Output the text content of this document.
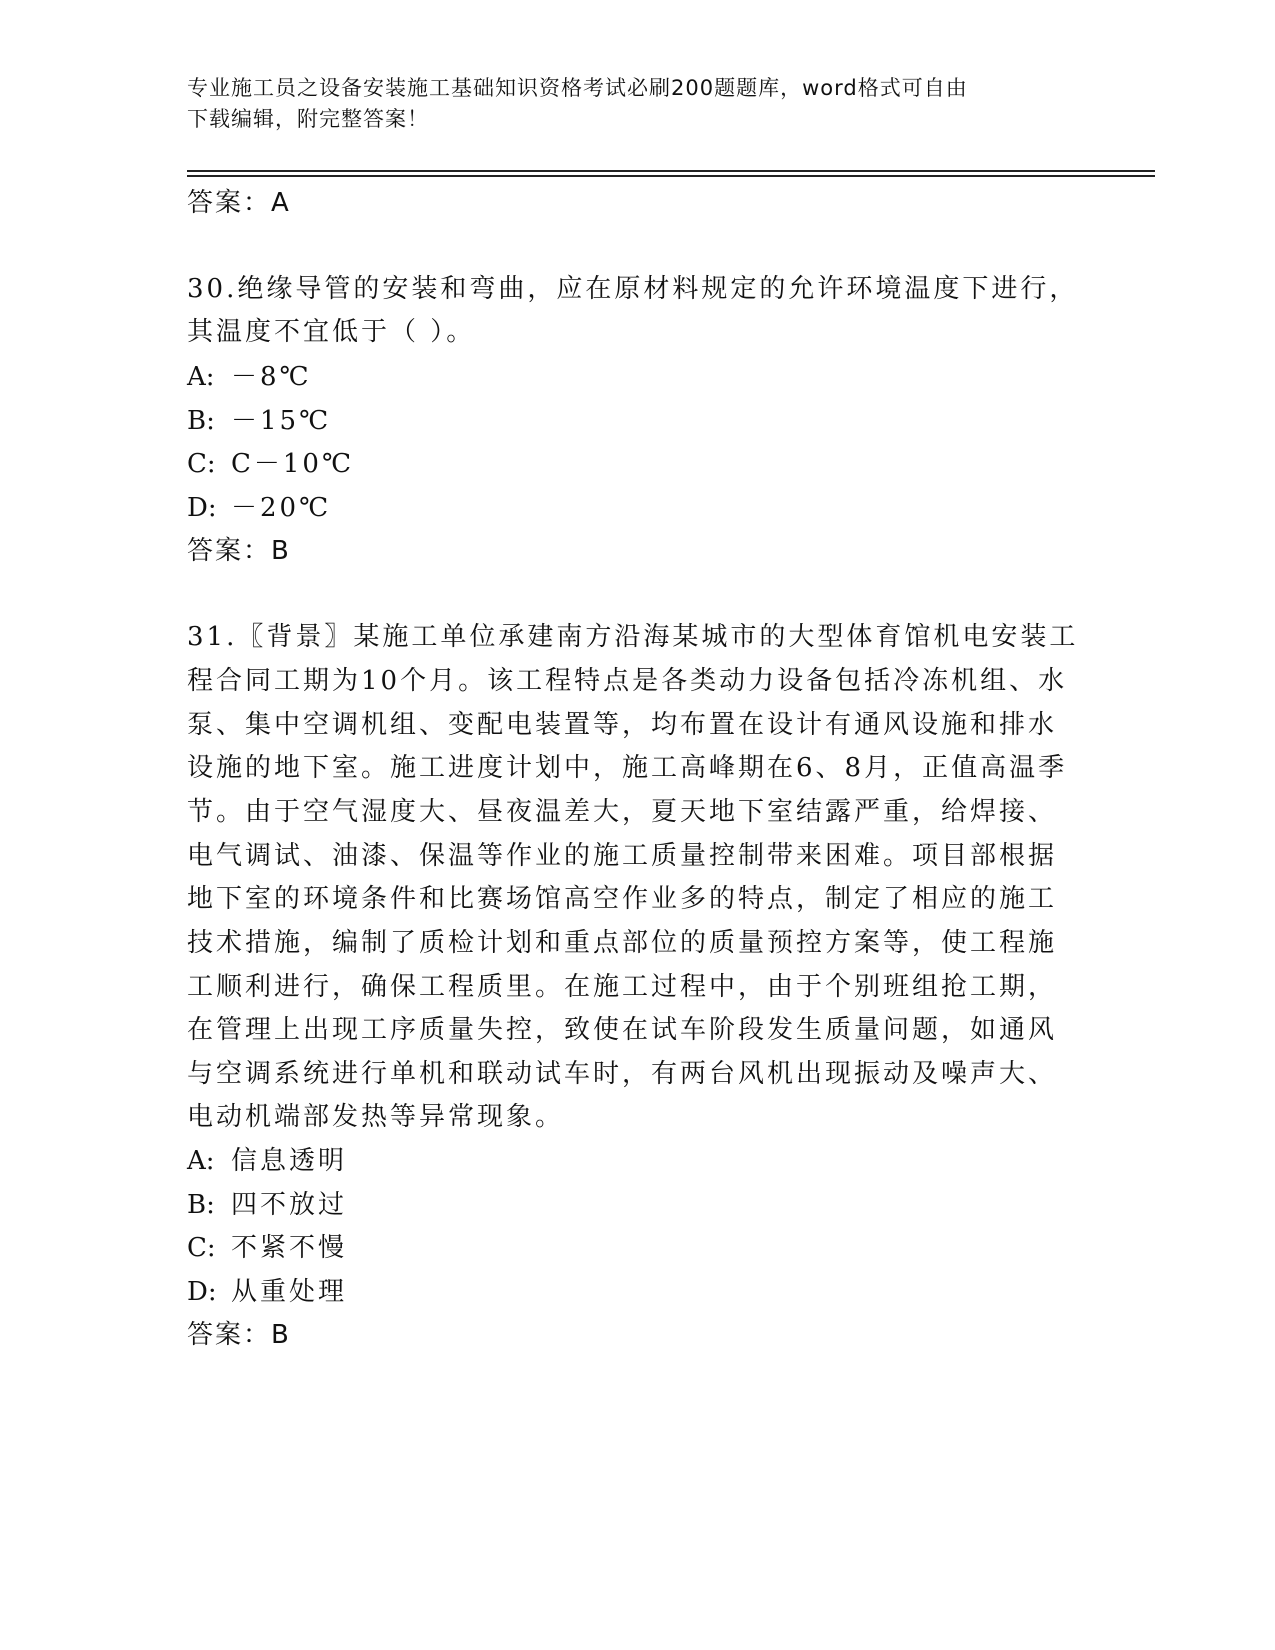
专业施工员之设备安装施工基础知识资格考试必刷200题题库，word格式可自由
下载编辑，附完整答案！
答案：A
30.绝缘导管的安装和弯曲，应在原材料规定的允许环境温度下进行，
其温度不宜低于（ ）。
A: －8℃
B: －15℃
C: C－10℃
D: －20℃
答案：B
31.〖背景〗某施工单位承建南方沿海某城市的大型体育馆机电安装工
程合同工期为10个月。该工程特点是各类动力设备包括冷冻机组、水
泵、集中空调机组、变配电装置等，均布置在设计有通风设施和排水
设施的地下室。施工进度计划中，施工高峰期在6、8月，正值高温季
节。由于空气湿度大、昼夜温差大，夏天地下室结露严重，给焊接、
电气调试、油漆、保温等作业的施工质量控制带来困难。项目部根据
地下室的环境条件和比赛场馆高空作业多的特点，制定了相应的施工
技术措施，编制了质检计划和重点部位的质量预控方案等，使工程施
工顺利进行，确保工程质里。在施工过程中，由于个别班组抢工期，
在管理上出现工序质量失控，致使在试车阶段发生质量问题，如通风
与空调系统进行单机和联动试车时，有两台风机出现振动及噪声大、
电动机端部发热等异常现象。
A: 信息透明
B: 四不放过
C: 不紧不慢
D: 从重处理
答案：B
